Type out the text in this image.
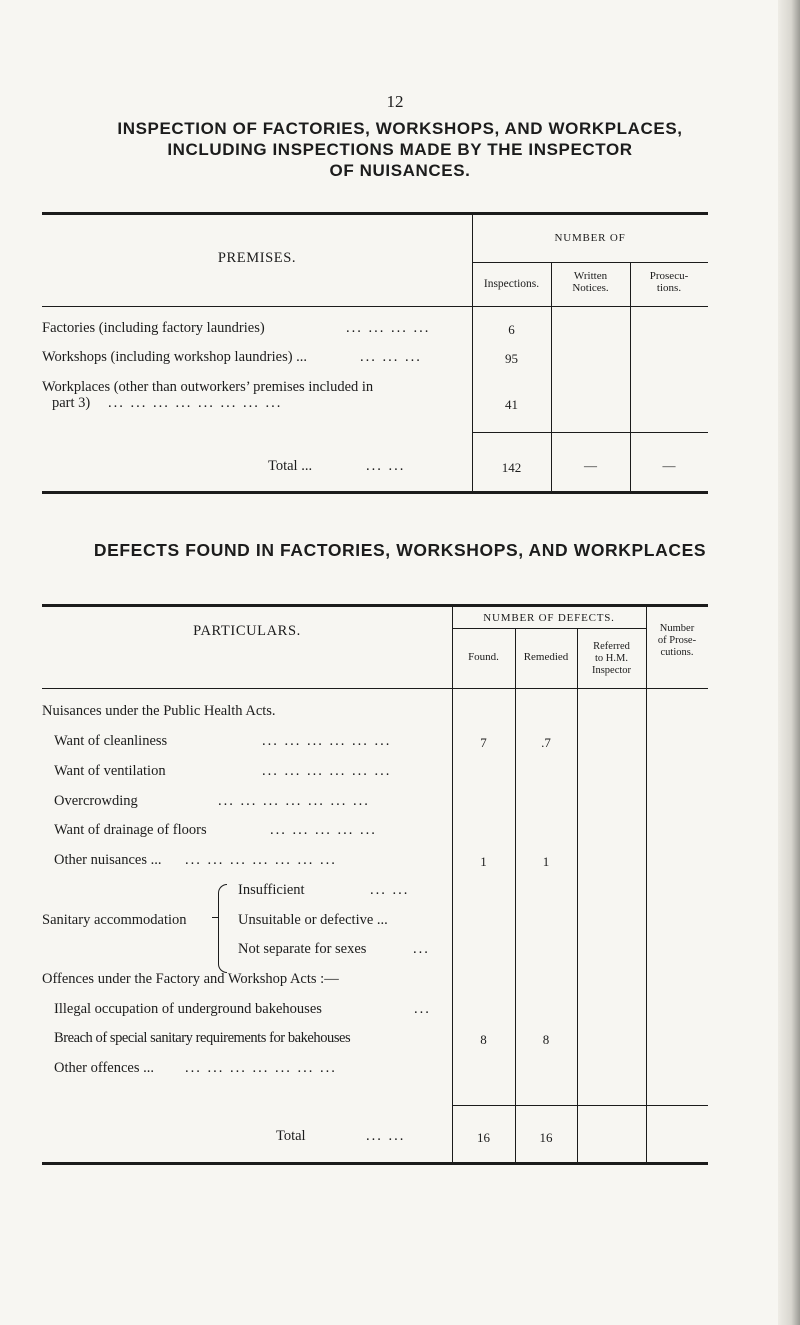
12
INSPECTION OF FACTORIES, WORKSHOPS, AND WORKPLACES,
INCLUDING INSPECTIONS MADE BY THE INSPECTOR
OF NUISANCES.
PREMISES.
NUMBER OF
Inspections.
Written
Notices.
Prosecu-
tions.
Factories (including factory laundries)	... ... ... ...	6
Workshops (including workshop laundries) ...	... ... ...	95
Workplaces (other than outworkers’ premises included in
part 3) ... ... ... ... ... ... ... ...	41
Total ...	... ...	142	—	—
DEFECTS FOUND IN FACTORIES, WORKSHOPS, AND WORKPLACES
PARTICULARS.
NUMBER OF DEFECTS.
Found.	Remedied
Referred
to H.M.
Inspector
Number
of Prose-
cutions.
Nuisances under the Public Health Acts.
Want of cleanliness	... ... ... ... ... ...	7	.7
Want of ventilation	... ... ... ... ... ...
Overcrowding	... ... ... ... ... ... ...
Want of drainage of floors	... ... ... ... ...
Other nuisances ... ... ... ... ... ... ... ...	1	1
Sanitary accommodation
Insufficient	... ...
Unsuitable or defective ...
Not separate for sexes	...
Offences under the Factory and Workshop Acts :—
Illegal occupation of underground bakehouses	...
Breach of special sanitary requirements for bakehouses	8	8
Other offences ... ... ... ... ... ... ... ...
Total	... ...	16	16
